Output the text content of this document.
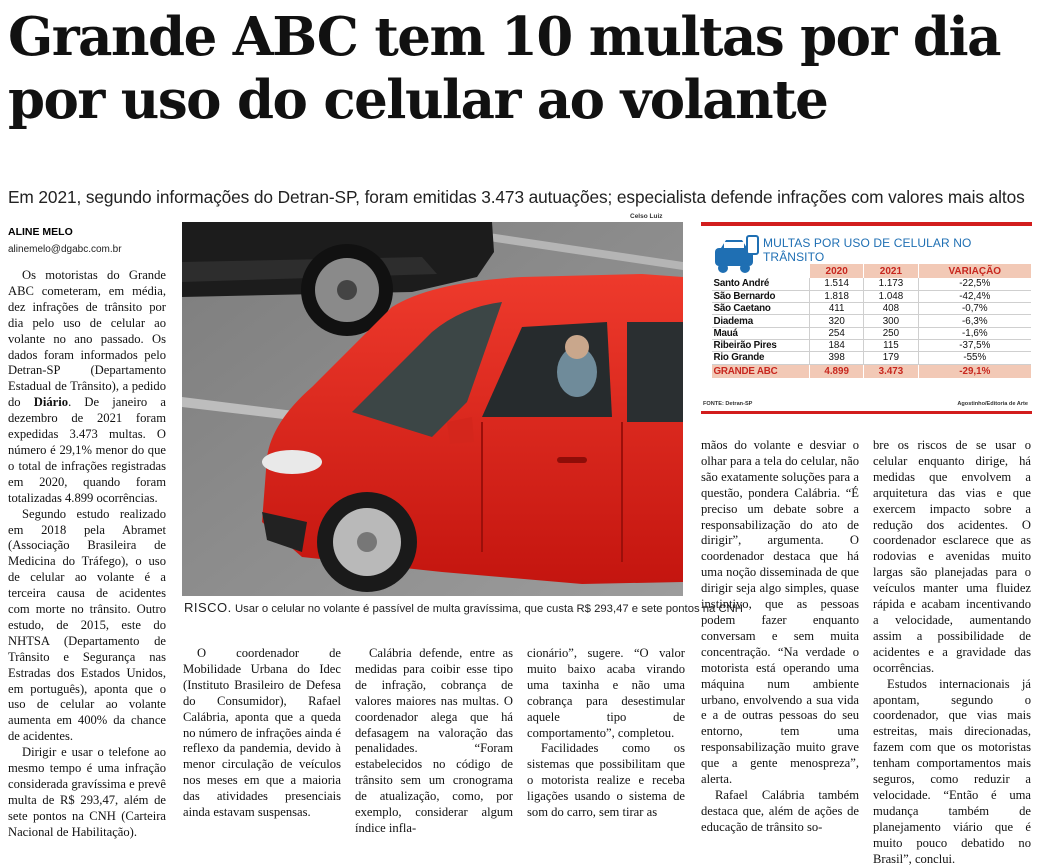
Grande ABC tem 10 multas por dia por uso do celular ao volante
Em 2021, segundo informações do Detran-SP, foram emitidas 3.473 autuações; especialista defende infrações com valores mais altos
ALINE MELO
alinemelo@dgabc.com.br

Os motoristas do Grande ABC cometeram, em média, dez infrações de trânsito por dia pelo uso de celular ao volante no ano passado. Os dados foram informados pelo Detran-SP (Departamento Estadual de Trânsito), a pedido do Diário. De janeiro a dezembro de 2021 foram expedidas 3.473 multas. O número é 29,1% menor do que o total de infrações registradas em 2020, quando foram totalizadas 4.899 ocorrências.

Segundo estudo realizado em 2018 pela Abramet (Associação Brasileira de Medicina do Tráfego), o uso de celular ao volante é a terceira causa de acidentes com morte no trânsito. Outro estudo, de 2015, este do NHTSA (Departamento de Trânsito e Segurança nas Estradas dos Estados Unidos, em português), aponta que o uso de celular ao volante aumenta em 400% da chance de acidentes.

Dirigir e usar o telefone ao mesmo tempo é uma infração considerada gravíssima e prevê multa de R$ 293,47, além de sete pontos na CNH (Carteira Nacional de Habilitação).

Celso Luiz
RISCO. Usar o celular no volante é passível de multa gravíssima, que custa R$ 293,47 e sete pontos na CNH
MULTAS POR USO DE CELULAR NO TRÂNSITO
	2020	2021	VARIAÇÃO
Santo André	1.514	1.173	-22,5%
São Bernardo	1.818	1.048	-42,4%
São Caetano	411	408	-0,7%
Diadema	320	300	-6,3%
Mauá	254	250	-1,6%
Ribeirão Pires	184	115	-37,5%
Rio Grande	398	179	-55%
GRANDE ABC	4.899	3.473	-29,1%
FONTE: Detran-SP	Agostinho/Editoria de Arte

O coordenador de Mobilidade Urbana do Idec (Instituto Brasileiro de Defesa do Consumidor), Rafael Calábria, aponta que a queda no número de infrações ainda é reflexo da pandemia, devido à menor circulação de veículos nos meses em que a maioria das atividades presenciais ainda estavam suspensas.

Calábria defende, entre as medidas para coibir esse tipo de infração, cobrança de valores maiores nas multas. O coordenador alega que há defasagem na valoração das penalidades. “Foram estabelecidos no código de trânsito sem um cronograma de atualização, como, por exemplo, considerar algum índice infla-

cionário”, sugere. “O valor muito baixo acaba virando uma taxinha e não uma cobrança para desestimular aquele tipo de comportamento”, completou.

Facilidades como os sistemas que possibilitam que o motorista realize e receba ligações usando o sistema de som do carro, sem tirar as

mãos do volante e desviar o olhar para a tela do celular, não são exatamente soluções para a questão, pondera Calábria. “É preciso um debate sobre a responsabilização do ato de dirigir”, argumenta. O coordenador destaca que há uma noção disseminada de que dirigir seja algo simples, quase instintivo, que as pessoas podem fazer enquanto conversam e sem muita concentração. “Na verdade o motorista está operando uma máquina num ambiente urbano, envolvendo a sua vida e a de outras pessoas do seu entorno, tem uma responsabilização muito grave que a gente menospreza”, alerta.

Rafael Calábria também destaca que, além de ações de educação de trânsito so-

bre os riscos de se usar o celular enquanto dirige, há medidas que envolvem a arquitetura das vias e que exercem impacto sobre a redução dos acidentes. O coordenador esclarece que as rodovias e avenidas muito largas são planejadas para o veículos manter uma fluidez rápida e acabam incentivando a velocidade, aumentando assim a possibilidade de acidentes e a gravidade das ocorrências.

Estudos internacionais já apontam, segundo o coordenador, que vias mais estreitas, mais direcionadas, fazem com que os motoristas tenham comportamentos mais seguros, como reduzir a velocidade. “Então é uma mudança também de planejamento viário que é muito pouco debatido no Brasil”, conclui.
